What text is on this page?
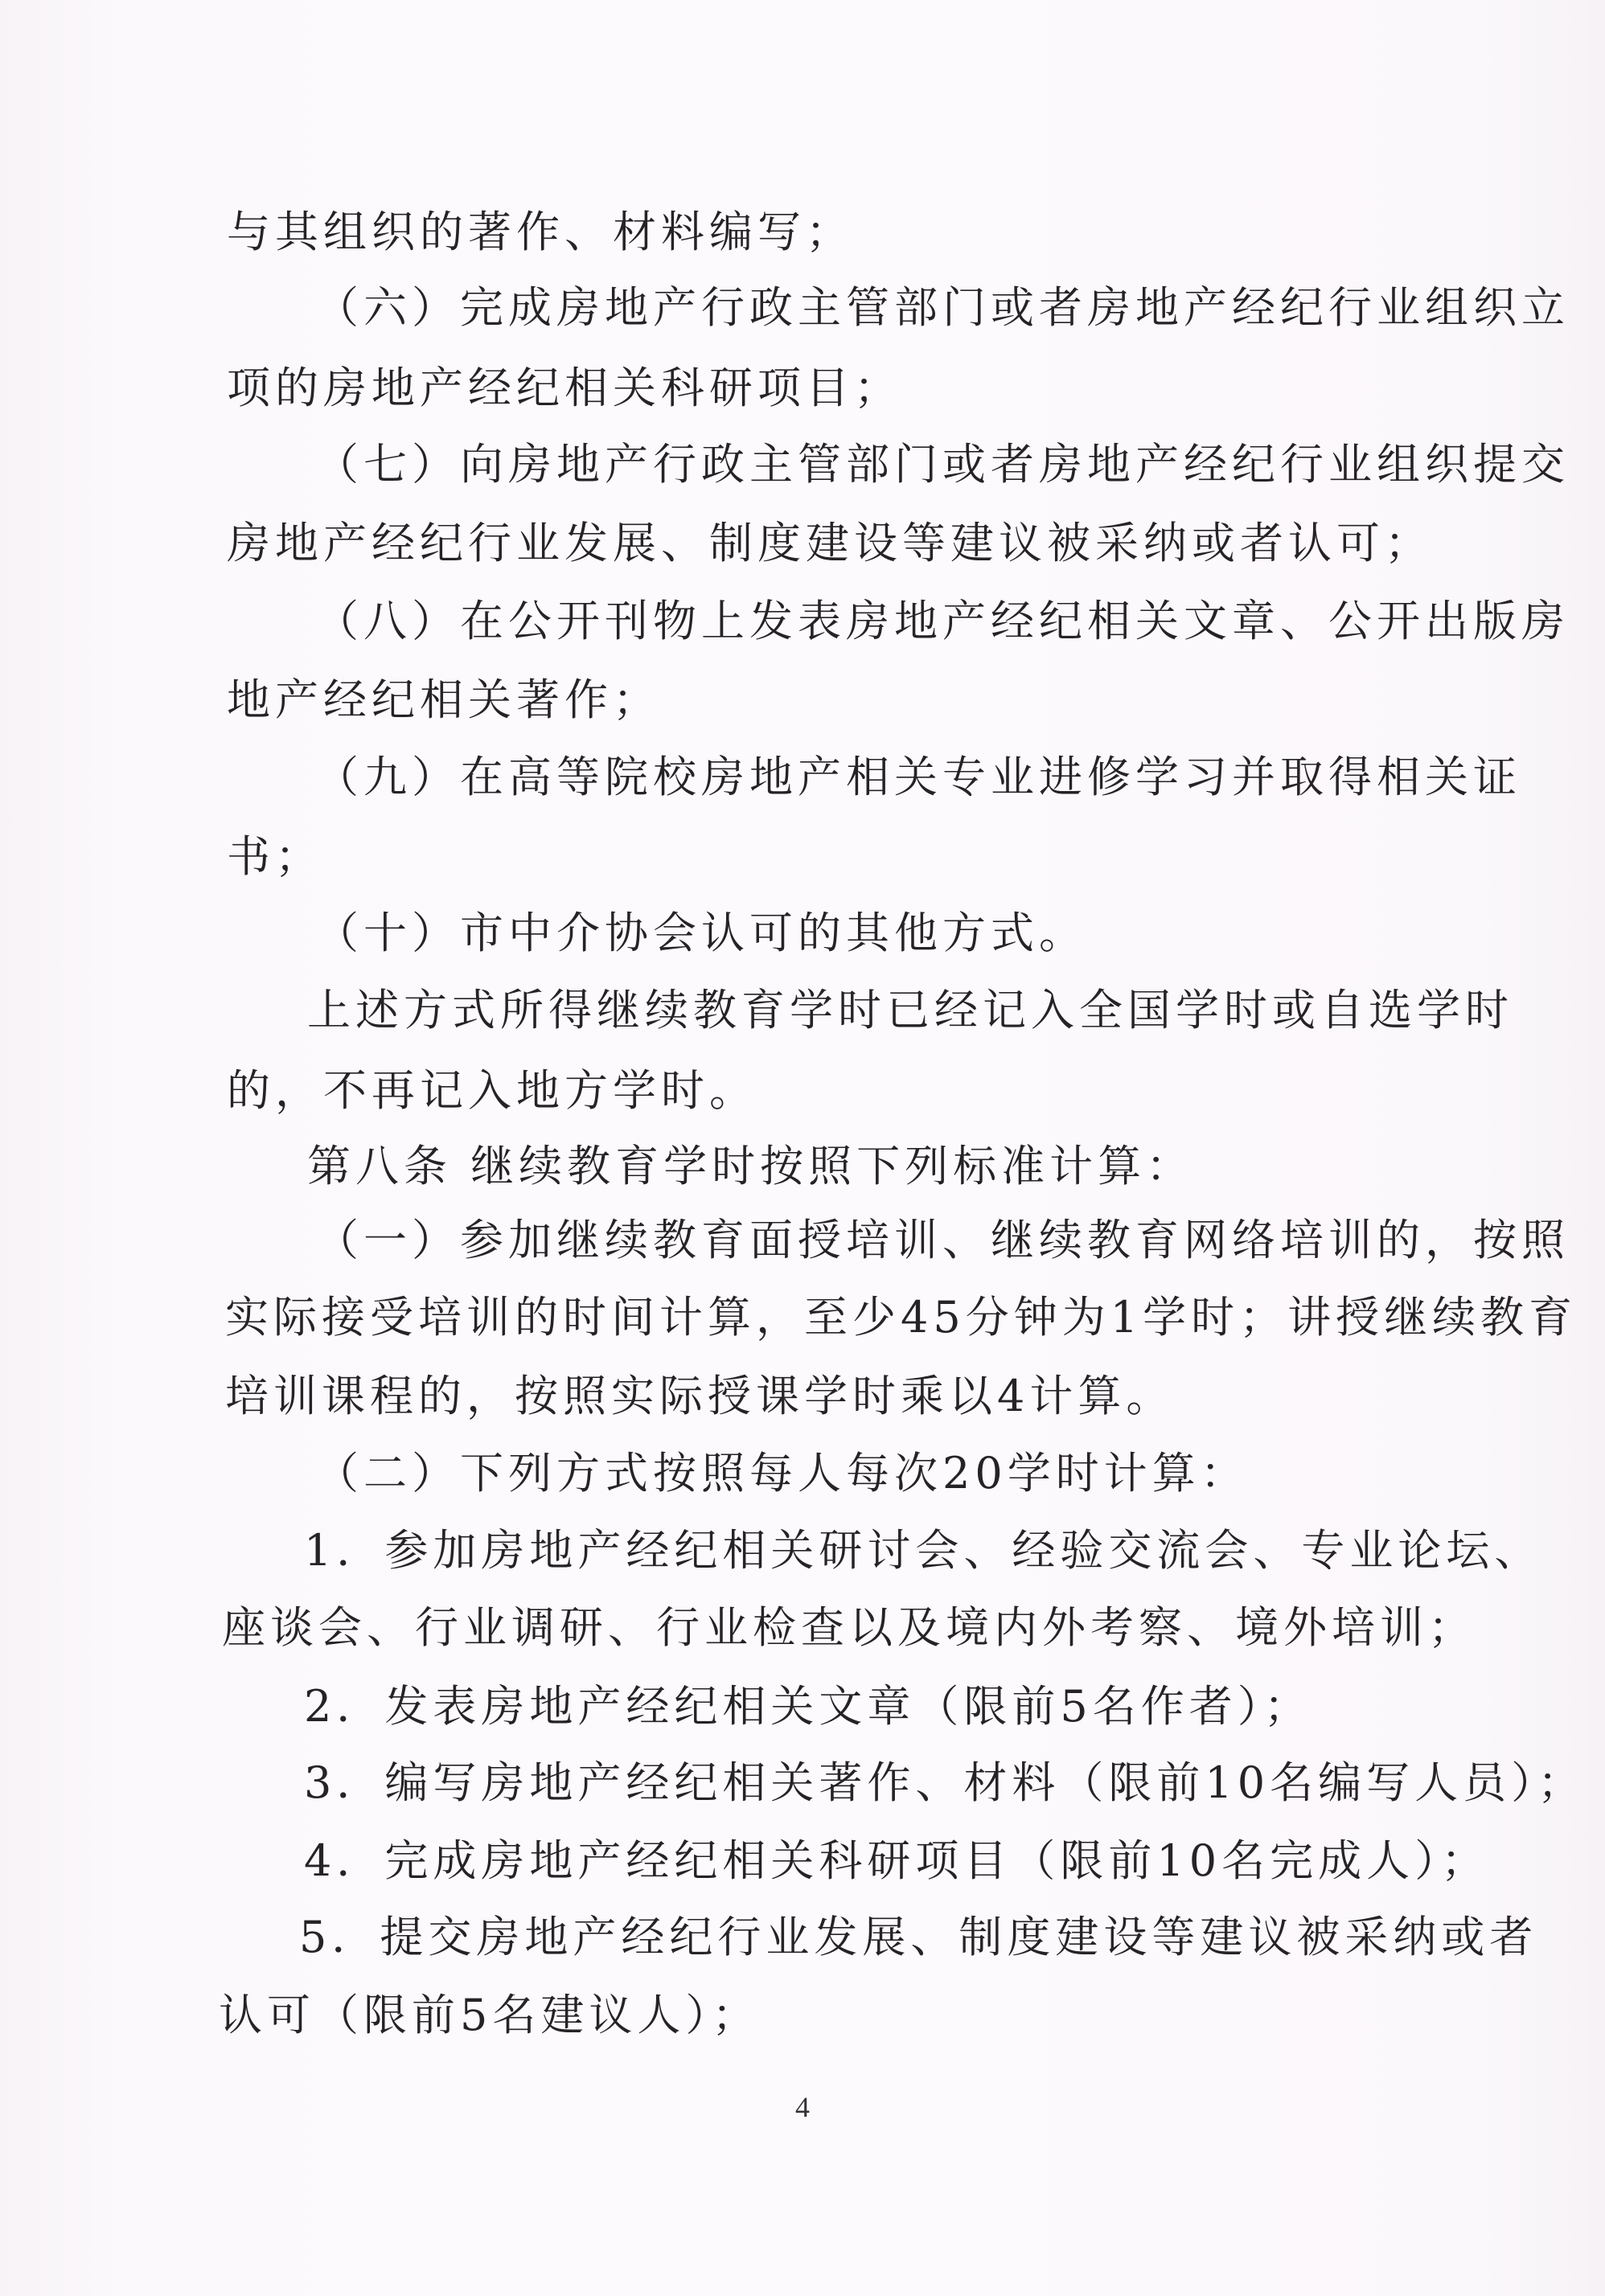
与其组织的著作、材料编写；
（六）完成房地产行政主管部门或者房地产经纪行业组织立
项的房地产经纪相关科研项目；
（七）向房地产行政主管部门或者房地产经纪行业组织提交
房地产经纪行业发展、制度建设等建议被采纳或者认可；
（八）在公开刊物上发表房地产经纪相关文章、公开出版房
地产经纪相关著作；
（九）在高等院校房地产相关专业进修学习并取得相关证
书；
（十）市中介协会认可的其他方式。
上述方式所得继续教育学时已经记入全国学时或自选学时
的，不再记入地方学时。
第八条 继续教育学时按照下列标准计算：
（一）参加继续教育面授培训、继续教育网络培训的，按照
实际接受培训的时间计算，至少45分钟为1学时；讲授继续教育
培训课程的，按照实际授课学时乘以4计算。
（二）下列方式按照每人每次20学时计算：
1．参加房地产经纪相关研讨会、经验交流会、专业论坛、
座谈会、行业调研、行业检查以及境内外考察、境外培训；
2．发表房地产经纪相关文章（限前5名作者）；
3．编写房地产经纪相关著作、材料（限前10名编写人员）；
4．完成房地产经纪相关科研项目（限前10名完成人）；
5．提交房地产经纪行业发展、制度建设等建议被采纳或者
认可（限前5名建议人）；
4
